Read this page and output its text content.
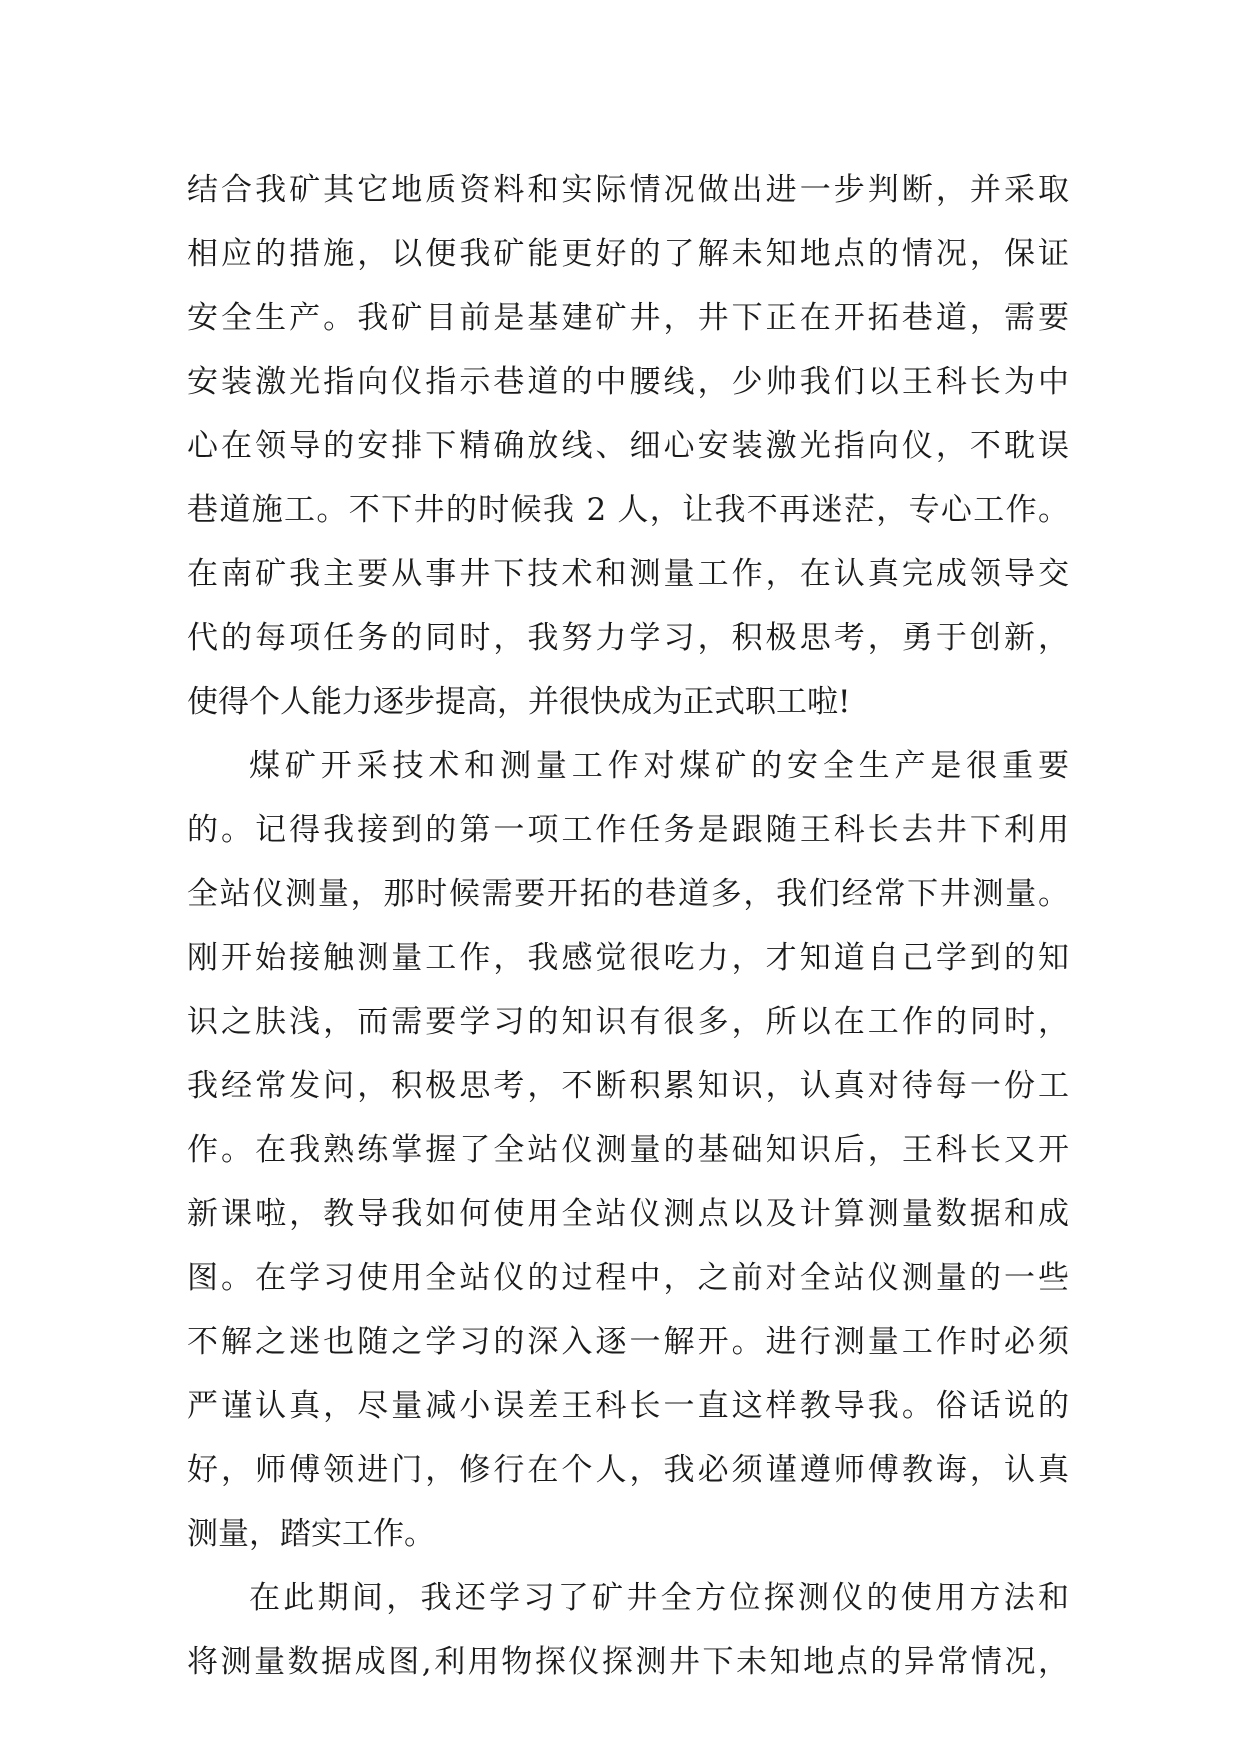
结合我矿其它地质资料和实际情况做出进一步判断，并采取
相应的措施，以便我矿能更好的了解未知地点的情况，保证
安全生产。我矿目前是基建矿井，井下正在开拓巷道，需要
安装激光指向仪指示巷道的中腰线，少帅我们以王科长为中
心在领导的安排下精确放线、细心安装激光指向仪，不耽误
巷道施工。不下井的时候我 2 人，让我不再迷茫，专心工作。
在南矿我主要从事井下技术和测量工作，在认真完成领导交
代的每项任务的同时，我努力学习，积极思考，勇于创新，
使得个人能力逐步提高，并很快成为正式职工啦!
煤矿开采技术和测量工作对煤矿的安全生产是很重要
的。记得我接到的第一项工作任务是跟随王科长去井下利用
全站仪测量，那时候需要开拓的巷道多，我们经常下井测量。
刚开始接触测量工作，我感觉很吃力，才知道自己学到的知
识之肤浅，而需要学习的知识有很多，所以在工作的同时，
我经常发问，积极思考，不断积累知识，认真对待每一份工
作。在我熟练掌握了全站仪测量的基础知识后，王科长又开
新课啦，教导我如何使用全站仪测点以及计算测量数据和成
图。在学习使用全站仪的过程中，之前对全站仪测量的一些
不解之迷也随之学习的深入逐一解开。进行测量工作时必须
严谨认真，尽量减小误差王科长一直这样教导我。俗话说的
好，师傅领进门，修行在个人，我必须谨遵师傅教诲，认真
测量，踏实工作。
在此期间，我还学习了矿井全方位探测仪的使用方法和
将测量数据成图,利用物探仪探测井下未知地点的异常情况，
